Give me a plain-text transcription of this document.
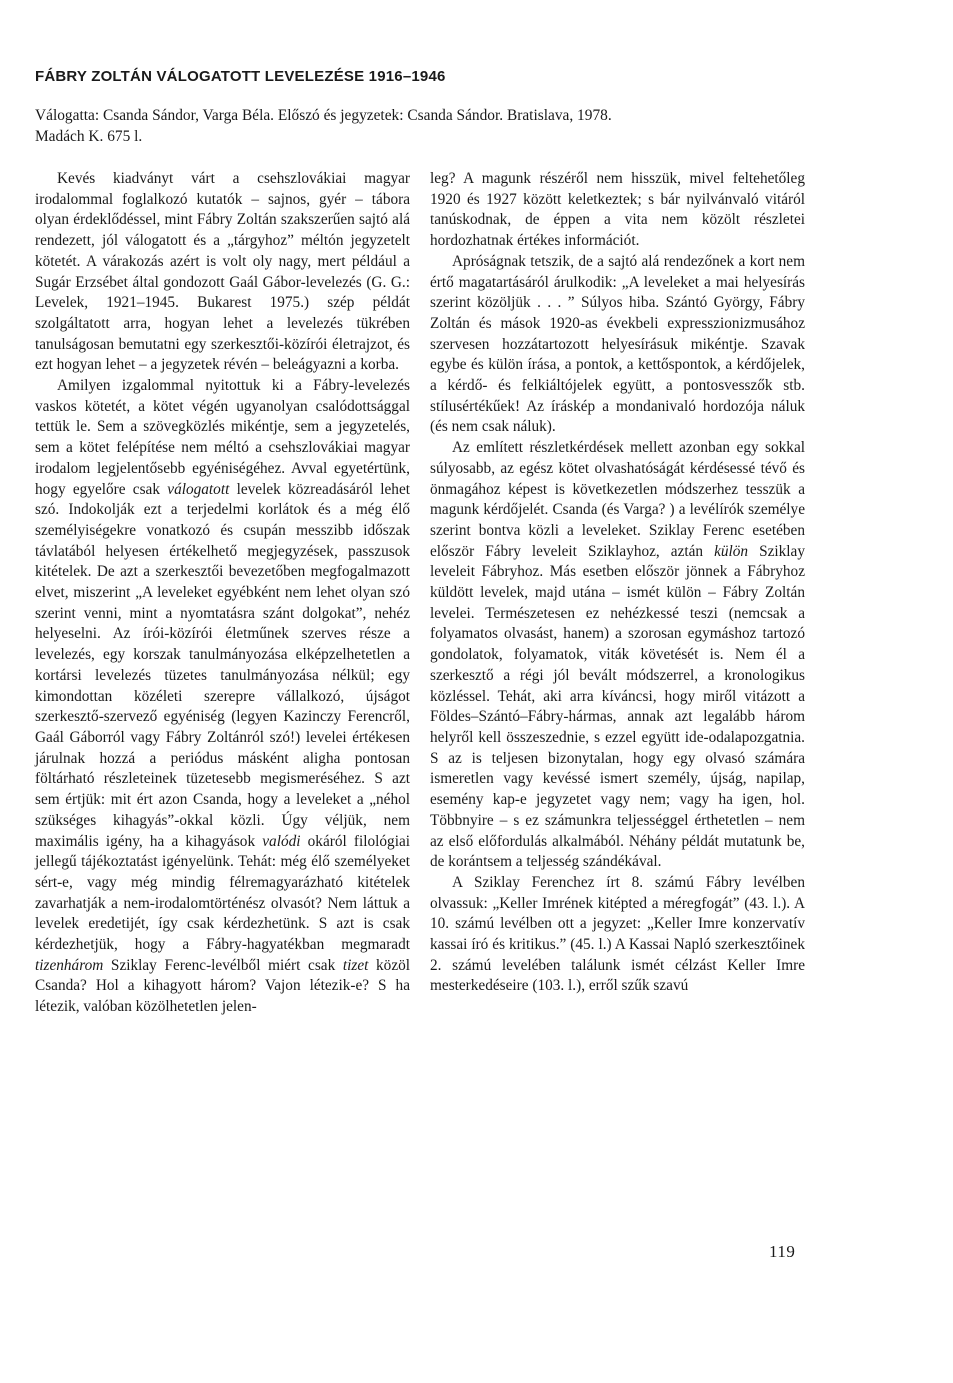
FÁBRY ZOLTÁN VÁLOGATOTT LEVELEZÉSE 1916–1946
Válogatta: Csanda Sándor, Varga Béla. Előszó és jegyzetek: Csanda Sándor. Bratislava, 1978.
Madách K. 675 l.

Kevés kiadványt várt a csehszlovákiai magyar irodalommal foglalkozó kutatók – sajnos, gyér – tábora olyan érdeklődéssel, mint Fábry Zoltán szakszerűen sajtó alá rendezett, jól válogatott és a „tárgyhoz” méltón jegyzetelt kötetét. A várakozás azért is volt oly nagy, mert például a Sugár Erzsébet által gondozott Gaál Gábor-levelezés (G. G.: Levelek, 1921–1945. Bukarest 1975.) szép példát szolgáltatott arra, hogyan lehet a levelezés tükrében tanulságosan bemutatni egy szerkesztői-közírói életrajzot, és ezt hogyan lehet – a jegyzetek révén – beleágyazni a korba.

Amilyen izgalommal nyitottuk ki a Fábry-levelezés vaskos kötetét, a kötet végén ugyanolyan csalódottsággal tettük le. Sem a szövegközlés mikéntje, sem a jegyzetelés, sem a kötet felépítése nem méltó a csehszlovákiai magyar irodalom legjelentősebb egyéniségéhez. Avval egyetértünk, hogy egyelőre csak válogatott levelek közreadásáról lehet szó. Indokolják ezt a terjedelmi korlátok és a még élő személyiségekre vonatkozó és csupán messzibb időszak távlatából helyesen értékelhető megjegyzések, passzusok kitételek. De azt a szerkesztői bevezetőben megfogalmazott elvet, miszerint „A leveleket egyébként nem lehet olyan szó szerint venni, mint a nyomtatásra szánt dolgokat”, nehéz helyeselni. Az írói-közírói életműnek szerves része a levelezés, egy korszak tanulmányozása elképzelhetetlen a kortársi levelezés tüzetes tanulmányozása nélkül; egy kimondottan közéleti szerepre vállalkozó, újságot szerkesztő-szervező egyéniség (legyen Kazinczy Ferencről, Gaál Gáborról vagy Fábry Zoltánról szó!) levelei értékesen járulnak hozzá a periódus másként aligha pontosan föltárható részleteinek tüzetesebb megismeréséhez. S azt sem értjük: mit ért azon Csanda, hogy a leveleket a „néhol szükséges kihagyás”-okkal közli. Úgy véljük, nem maximális igény, ha a kihagyások valódi okáról filológiai jellegű tájékoztatást igényelünk. Tehát: még élő személyeket sért-e, vagy még mindig félremagyarázható kitételek zavarhatják a nem-irodalomtörténész olvasót? Nem láttuk a levelek eredetijét, így csak kérdezhetünk. S azt is csak kérdezhetjük, hogy a Fábry-hagyatékban megmaradt tizenhárom Sziklay Ferenc-levélből miért csak tizet közöl Csanda? Hol a kihagyott három? Vajon létezik-e? S ha létezik, valóban közölhetetlen jelen-

leg? A magunk részéről nem hisszük, mivel feltehetőleg 1920 és 1927 között keletkeztek; s bár nyilvánvaló vitáról tanúskodnak, de éppen a vita nem közölt részletei hordozhatnak értékes információt.

Apróságnak tetszik, de a sajtó alá rendezőnek a kort nem értő magatartásáról árulkodik: „A leveleket a mai helyesírás szerint közöljük . . . ” Súlyos hiba. Szántó György, Fábry Zoltán és mások 1920-as évekbeli expresszionizmusához szervesen hozzátartozott helyesírásuk mikéntje. Szavak egybe és külön írása, a pontok, a kettőspontok, a kérdőjelek, a kérdő- és felkiáltójelek együtt, a pontosvesszők stb. stílusértékűek! Az íráskép a mondanivaló hordozója náluk (és nem csak náluk).

Az említett részletkérdések mellett azonban egy sokkal súlyosabb, az egész kötet olvashatóságát kérdésessé tévő és önmagához képest is következetlen módszerhez tesszük a magunk kérdőjelét. Csanda (és Varga? ) a levélírók személye szerint bontva közli a leveleket. Sziklay Ferenc esetében először Fábry leveleit Sziklayhoz, aztán külön Sziklay leveleit Fábryhoz. Más esetben először jönnek a Fábryhoz küldött levelek, majd utána – ismét külön – Fábry Zoltán levelei. Természetesen ez nehézkessé teszi (nemcsak a folyamatos olvasást, hanem) a szorosan egymáshoz tartozó gondolatok, folyamatok, viták követését is. Nem él a szerkesztő a régi jól bevált módszerrel, a kronologikus közléssel. Tehát, aki arra kíváncsi, hogy miről vitázott a Földes–Szántó–Fábry-hármas, annak azt legalább három helyről kell összeszednie, s ezzel együtt ide-odalapozgatnia. S az is teljesen bizonytalan, hogy egy olvasó számára ismeretlen vagy kevéssé ismert személy, újság, napilap, esemény kap-e jegyzetet vagy nem; vagy ha igen, hol. Többnyire – s ez számunkra teljességgel érthetetlen – nem az első előfordulás alkalmából. Néhány példát mutatunk be, de korántsem a teljesség szándékával.

A Sziklay Ferenchez írt 8. számú Fábry levélben olvassuk: „Keller Imrének kitépted a méregfogát” (43. l.). A 10. számú levélben ott a jegyzet: „Keller Imre konzervatív kassai író és kritikus.” (45. l.) A Kassai Napló szerkesztőinek 2. számú levelében találunk ismét célzást Keller Imre mesterkedéseire (103. l.), erről szűk szavú

119
